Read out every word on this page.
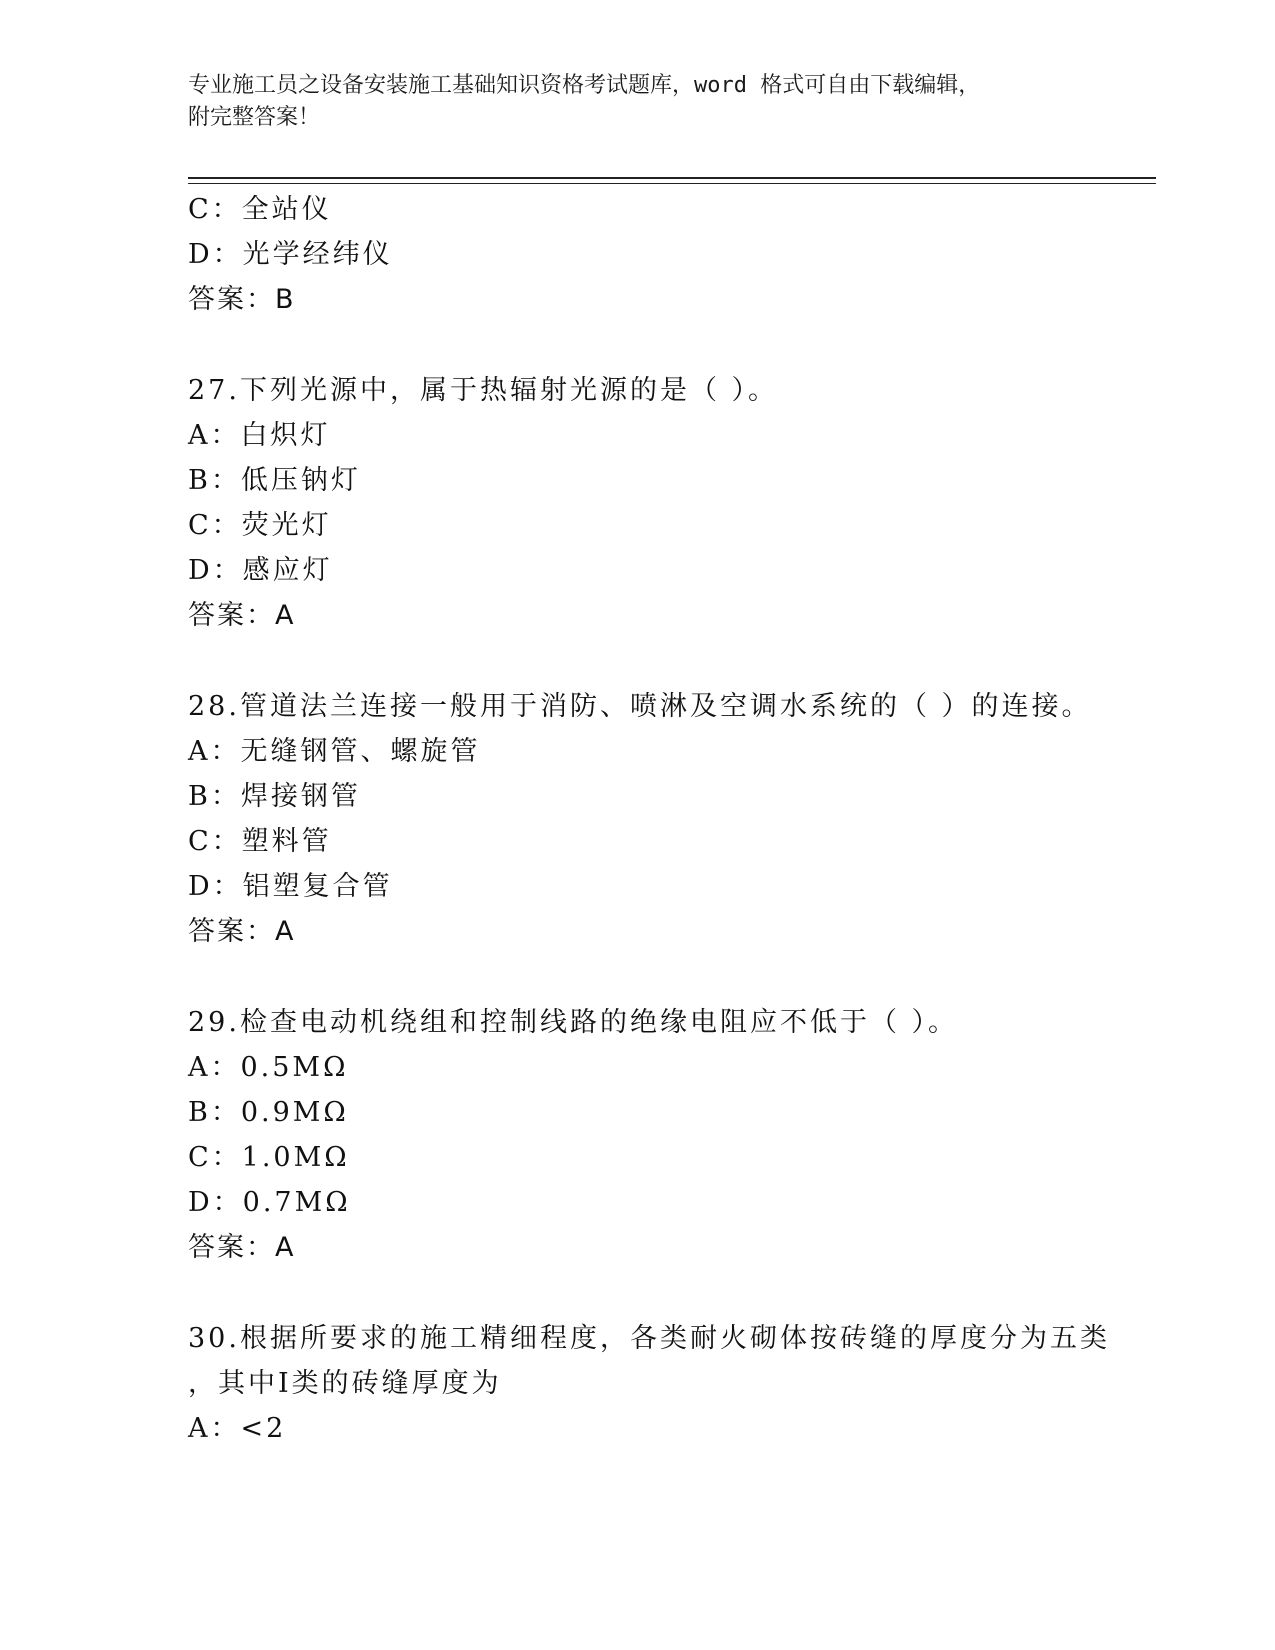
专业施工员之设备安装施工基础知识资格考试题库，word 格式可自由下载编辑，
附完整答案！
C：全站仪
D：光学经纬仪
答案：B
27.下列光源中，属于热辐射光源的是（ ）。
A：白炽灯
B：低压钠灯
C：荧光灯
D：感应灯
答案：A
28.管道法兰连接一般用于消防、喷淋及空调水系统的（ ）的连接。
A：无缝钢管、螺旋管
B：焊接钢管
C：塑料管
D：铝塑复合管
答案：A
29.检查电动机绕组和控制线路的绝缘电阻应不低于（ ）。
A：0.5MΩ
B：0.9MΩ
C：1.0MΩ
D：0.7MΩ
答案：A
30.根据所要求的施工精细程度，各类耐火砌体按砖缝的厚度分为五类
，其中Ⅰ类的砖缝厚度为
A：<2
